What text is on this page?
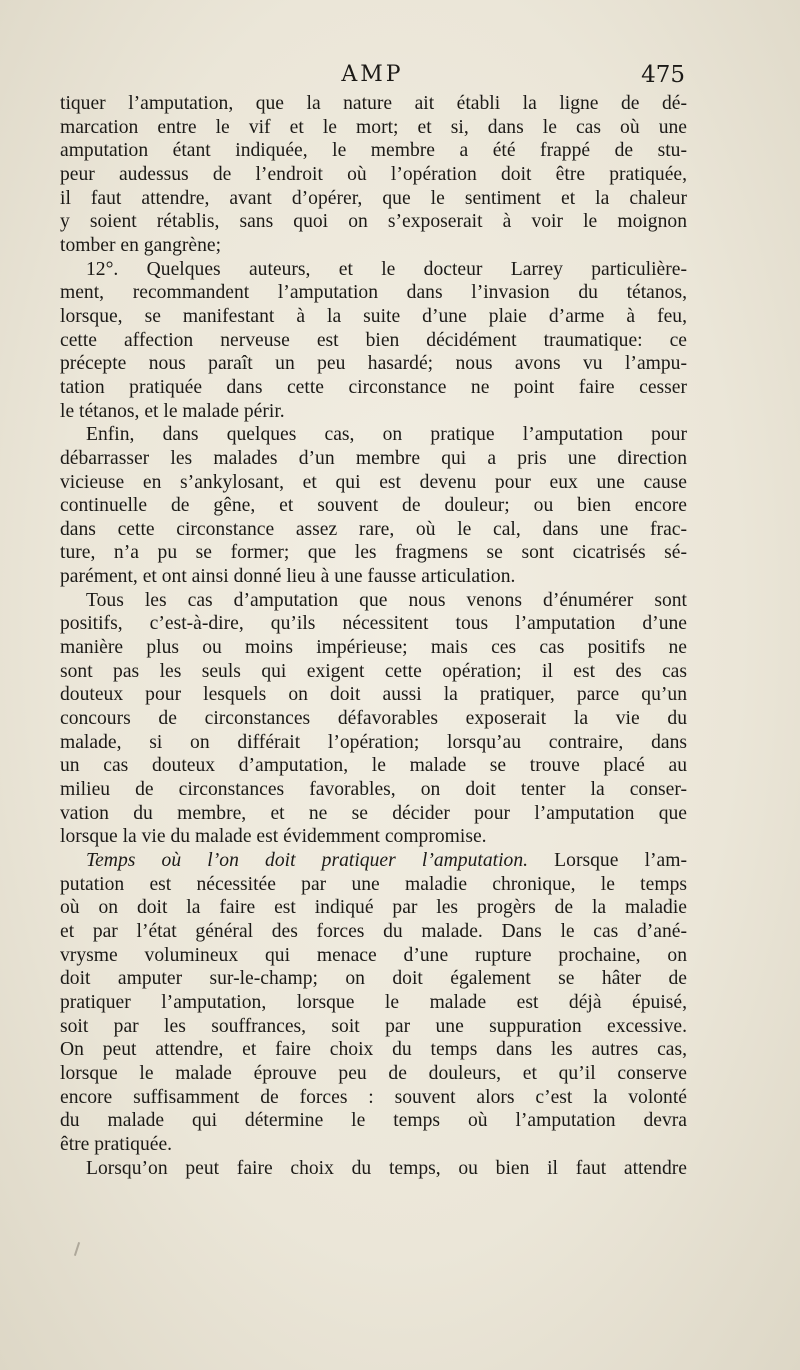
AMP	475
tiquer l’amputation, que la nature ait établi la ligne de dé-
marcation entre le vif et le mort; et si, dans le cas où une
amputation étant indiquée, le membre a été frappé de stu-
peur audessus de l’endroit où l’opération doit être pratiquée,
il faut attendre, avant d’opérer, que le sentiment et la chaleur
y soient rétablis, sans quoi on s’exposerait à voir le moignon
tomber en gangrène;
12°. Quelques auteurs, et le docteur Larrey particulière-
ment, recommandent l’amputation dans l’invasion du tétanos,
lorsque, se manifestant à la suite d’une plaie d’arme à feu,
cette affection nerveuse est bien décidément traumatique: ce
précepte nous paraît un peu hasardé; nous avons vu l’ampu-
tation pratiquée dans cette circonstance ne point faire cesser
le tétanos, et le malade périr.
Enfin, dans quelques cas, on pratique l’amputation pour
débarrasser les malades d’un membre qui a pris une direction
vicieuse en s’ankylosant, et qui est devenu pour eux une cause
continuelle de gêne, et souvent de douleur; ou bien encore
dans cette circonstance assez rare, où le cal, dans une frac-
ture, n’a pu se former; que les fragmens se sont cicatrisés sé-
parément, et ont ainsi donné lieu à une fausse articulation.
Tous les cas d’amputation que nous venons d’énumérer sont
positifs, c’est-à-dire, qu’ils nécessitent tous l’amputation d’une
manière plus ou moins impérieuse; mais ces cas positifs ne
sont pas les seuls qui exigent cette opération; il est des cas
douteux pour lesquels on doit aussi la pratiquer, parce qu’un
concours de circonstances défavorables exposerait la vie du
malade, si on différait l’opération; lorsqu’au contraire, dans
un cas douteux d’amputation, le malade se trouve placé au
milieu de circonstances favorables, on doit tenter la conser-
vation du membre, et ne se décider pour l’amputation que
lorsque la vie du malade est évidemment compromise.
Temps où l’on doit pratiquer l’amputation. Lorsque l’am-
putation est nécessitée par une maladie chronique, le temps
où on doit la faire est indiqué par les progèrs de la maladie
et par l’état général des forces du malade. Dans le cas d’ané-
vrysme volumineux qui menace d’une rupture prochaine, on
doit amputer sur-le-champ; on doit également se hâter de
pratiquer l’amputation, lorsque le malade est déjà épuisé,
soit par les souffrances, soit par une suppuration excessive.
On peut attendre, et faire choix du temps dans les autres cas,
lorsque le malade éprouve peu de douleurs, et qu’il conserve
encore suffisamment de forces : souvent alors c’est la volonté
du malade qui détermine le temps où l’amputation devra
être pratiquée.
Lorsqu’on peut faire choix du temps, ou bien il faut attendre
